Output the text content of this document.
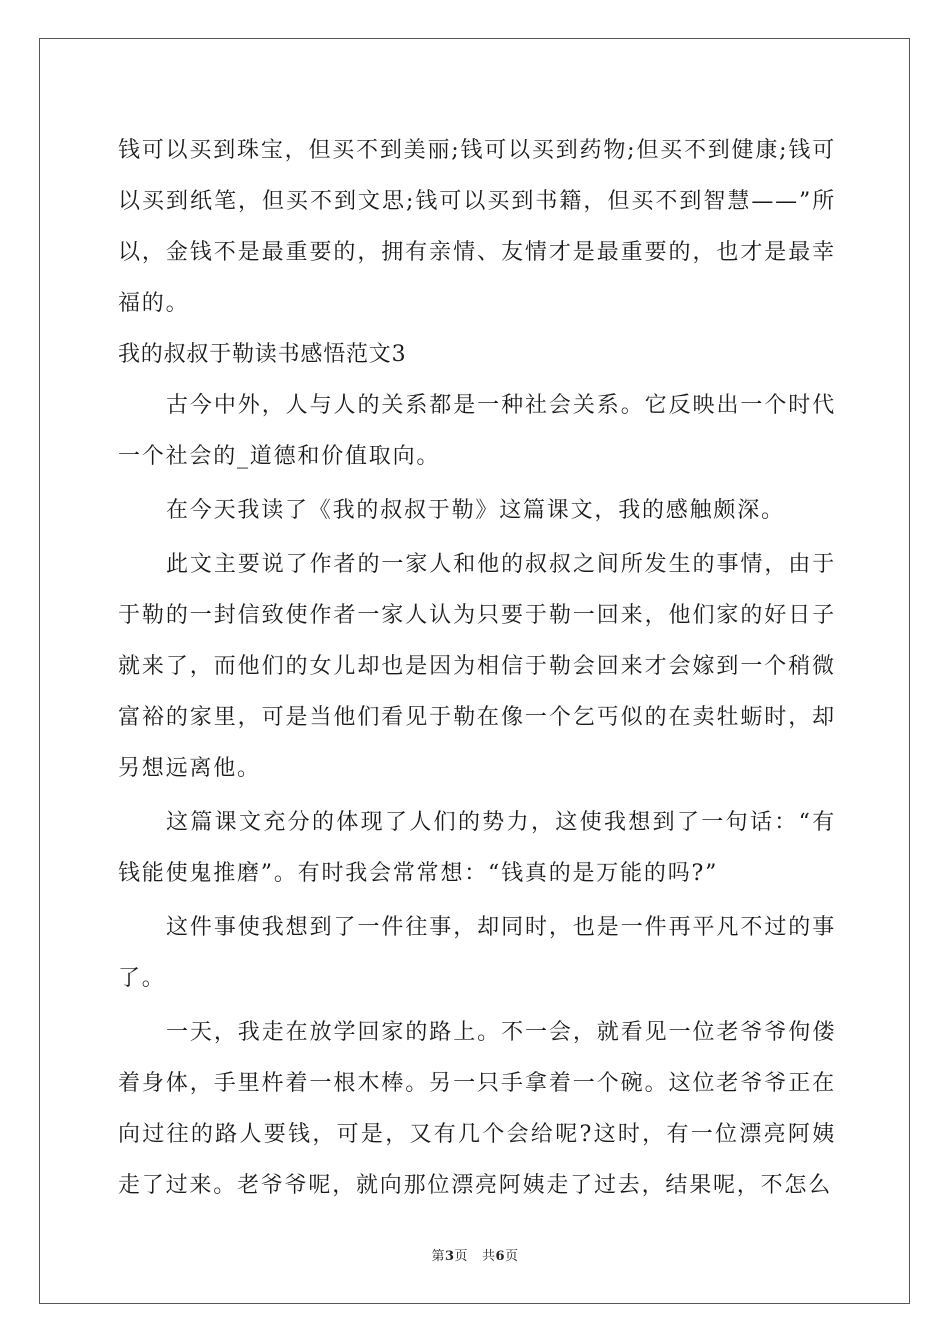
钱可以买到珠宝，但买不到美丽;钱可以买到药物;但买不到健康;钱可以买到纸笔，但买不到文思;钱可以买到书籍，但买不到智慧——”所以，金钱不是最重要的，拥有亲情、友情才是最重要的，也才是最幸福的。

我的叔叔于勒读书感悟范文3

古今中外，人与人的关系都是一种社会关系。它反映出一个时代一个社会的_道德和价值取向。

在今天我读了《我的叔叔于勒》这篇课文，我的感触颇深。

此文主要说了作者的一家人和他的叔叔之间所发生的事情，由于于勒的一封信致使作者一家人认为只要于勒一回来，他们家的好日子就来了，而他们的女儿却也是因为相信于勒会回来才会嫁到一个稍微富裕的家里，可是当他们看见于勒在像一个乞丐似的在卖牡蛎时，却另想远离他。

这篇课文充分的体现了人们的势力，这使我想到了一句话：“有钱能使鬼推磨”。有时我会常常想：“钱真的是万能的吗?”

这件事使我想到了一件往事，却同时，也是一件再平凡不过的事了。

一天，我走在放学回家的路上。不一会，就看见一位老爷爷佝偻着身体，手里杵着一根木棒。另一只手拿着一个碗。这位老爷爷正在向过往的路人要钱，可是，又有几个会给呢?这时，有一位漂亮阿姨走了过来。老爷爷呢，就向那位漂亮阿姨走了过去，结果呢，不怎么

第3页 共6页
